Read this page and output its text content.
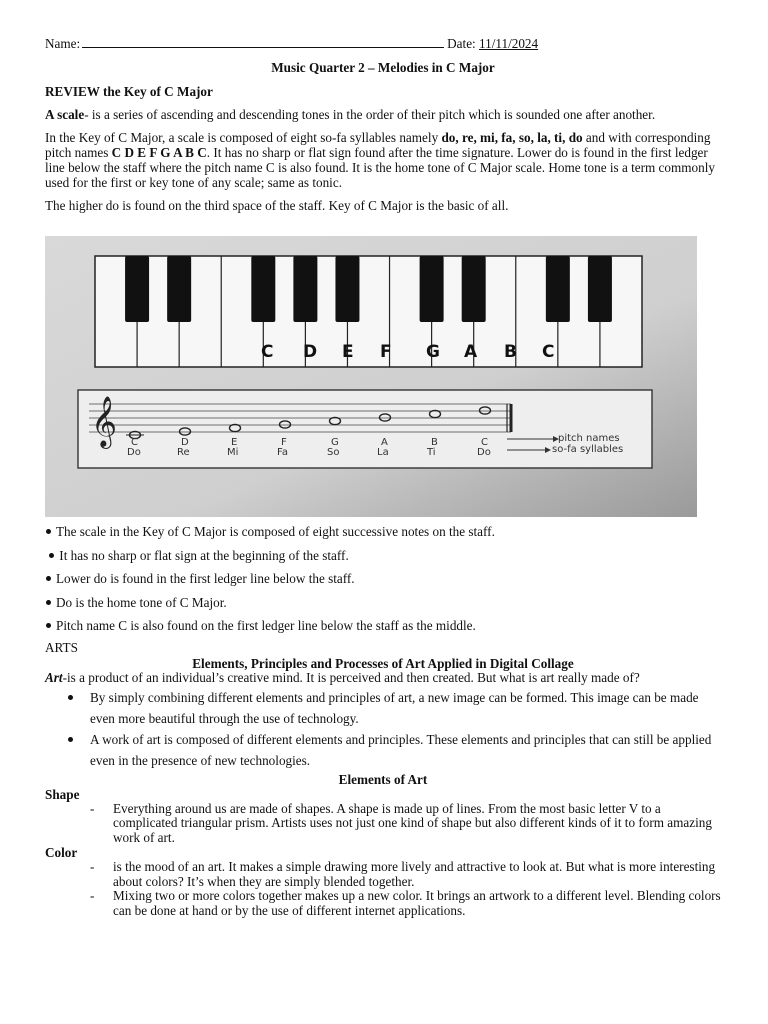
Name:	Date:
11/11/2024

Music Quarter 2 – Melodies in C Major

REVIEW the Key of C Major

A scale- is a series of ascending and descending tones in the order of their pitch which is sounded one after another.

In the Key of C Major, a scale is composed of eight so-fa syllables namely do, re, mi, fa, so, la, ti, do and with corresponding pitch names C D E F G A B C. It has no sharp or flat sign found after the time signature. Lower do is found in the first ledger line below the staff where the pitch name C is also found. It is the home tone of C Major scale. Home tone is a term commonly used for the first or key tone of any scale; same as tonic.

The higher do is found on the third space of the staff. Key of C Major is the basic of all.

C D E F G A B C
𝄞 C	D	E	F	G	A	B	C
Do	Re	Mi	Fa	So	La	Ti	Do
pitch names
so-fa syllables

The scale in the Key of C Major is composed of eight successive notes on the staff.

It has no sharp or flat sign at the beginning of the staff.

Lower do is found in the first ledger line below the staff.

Do is the home tone of C Major.

Pitch name C is also found on the first ledger line below the staff as the middle.

ARTS

Elements, Principles and Processes of Art Applied in Digital Collage

Art-is a product of an individual’s creative mind. It is perceived and then created. But what is art really made of?

By simply combining different elements and principles of art, a new image can be formed. This image can be made even more beautiful through the use of technology.
A work of art is composed of different elements and principles. These elements and principles that can still be applied even in the presence of new technologies.

Elements of Art

Shape

- Everything around us are made of shapes. A shape is made up of lines. From the most basic letter V to a complicated triangular prism. Artists uses not just one kind of shape but also different kinds of it to form amazing work of art.

Color

- is the mood of an art. It makes a simple drawing more lively and attractive to look at. But what is more interesting about colors? It’s when they are simply blended together.
- Mixing two or more colors together makes up a new color. It brings an artwork to a different level. Blending colors can be done at hand or by the use of different internet applications.
